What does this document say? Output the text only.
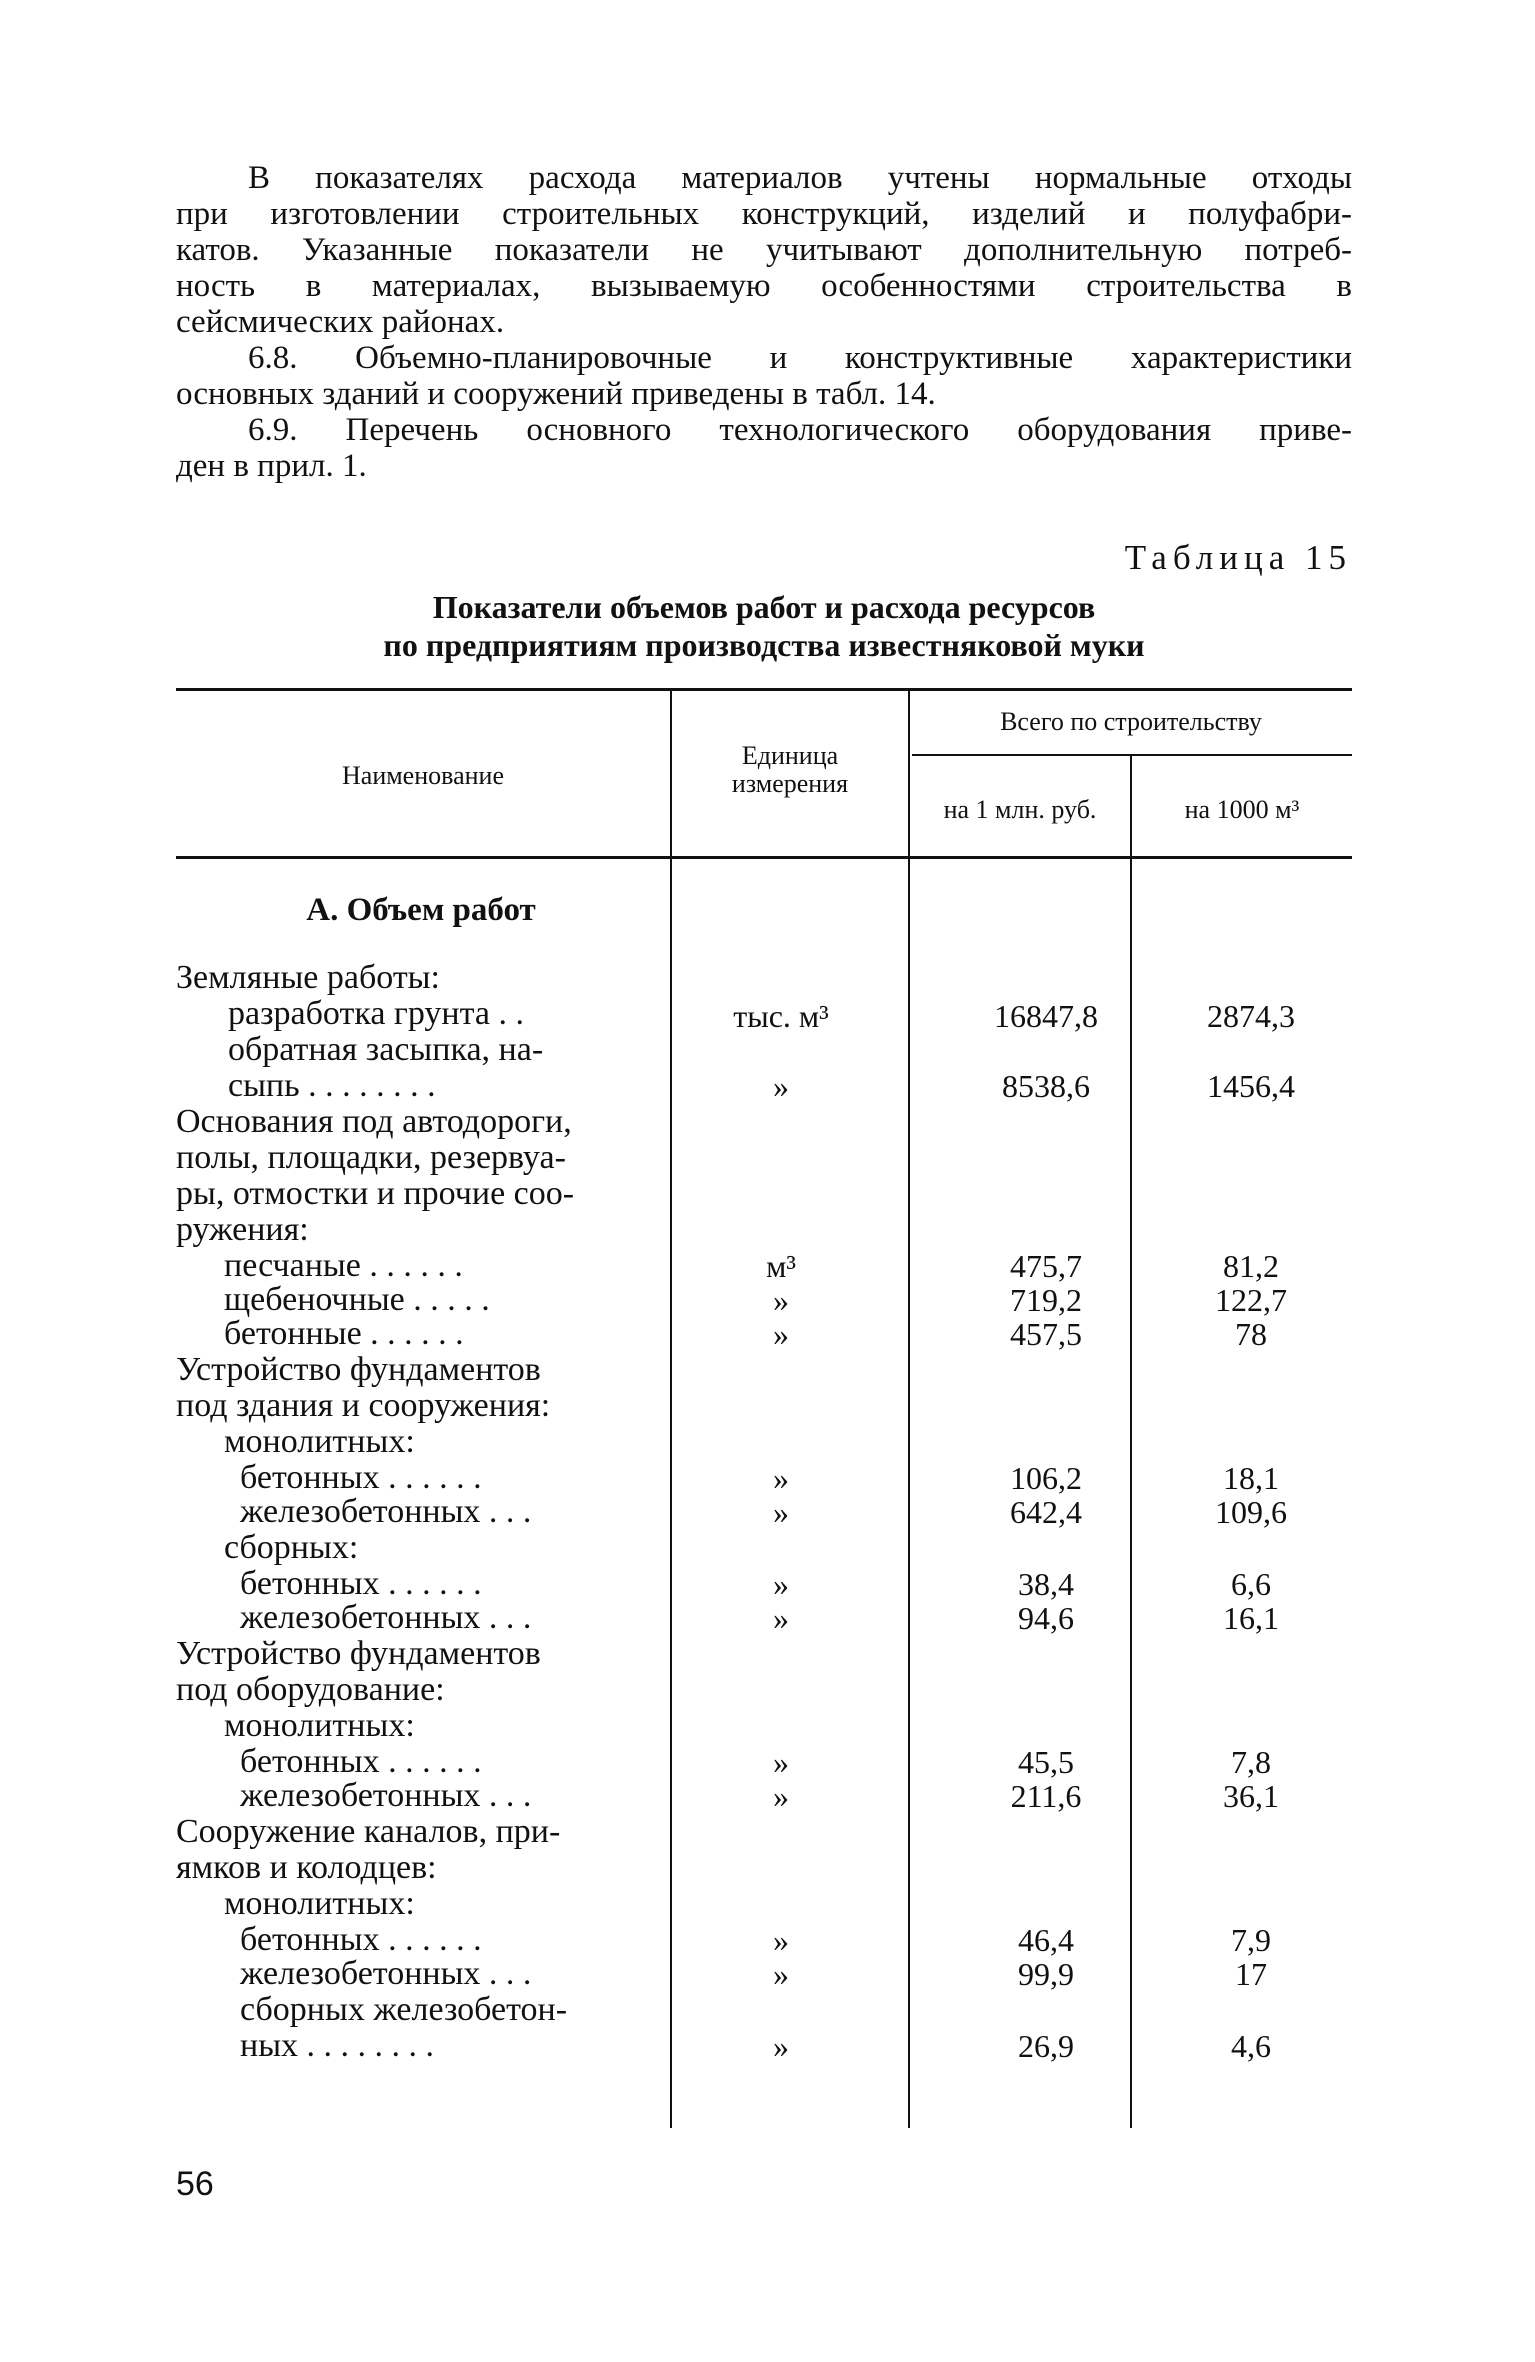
В показателях расхода материалов учтены нормальные отходы
при изготовлении строительных конструкций, изделий и полуфабри-
катов. Указанные показатели не учитывают дополнительную потреб-
ность в материалах, вызываемую особенностями строительства в
сейсмических районах.
6.8. Объемно-планировочные и конструктивные характеристики
основных зданий и сооружений приведены в табл. 14.
6.9. Перечень основного технологического оборудования приве-
ден в прил. 1.
Таблица 15
Показатели объемов работ и расхода ресурсов
по предприятиям производства известняковой муки
Наименование
Единица
измерения
Всего по строительству
на 1 млн. руб.	на 1000 м³
А. Объем работ
Земляные работы:
разработка грунта . .	тыс. м³	16847,8	2874,3
обратная засыпка, на-
сыпь . . . . . . . .	»	8538,6	1456,4
Основания под автодороги,
полы, площадки, резервуа-
ры, отмостки и прочие соо-
ружения:
песчаные . . . . . .	м³	475,7	81,2
щебеночные . . . . .	»	719,2	122,7
бетонные . . . . . .	»	457,5	78
Устройство фундаментов
под здания и сооружения:
монолитных:
бетонных . . . . . .	»	106,2	18,1
железобетонных . . .	»	642,4	109,6
сборных:
бетонных . . . . . .	»	38,4	6,6
железобетонных . . .	»	94,6	16,1
Устройство фундаментов
под оборудование:
монолитных:
бетонных . . . . . .	»	45,5	7,8
железобетонных . . .	»	211,6	36,1
Сооружение каналов, при-
ямков и колодцев:
монолитных:
бетонных . . . . . .	»	46,4	7,9
железобетонных . . .	»	99,9	17
сборных железобетон-
ных . . . . . . . .	»	26,9	4,6
56
